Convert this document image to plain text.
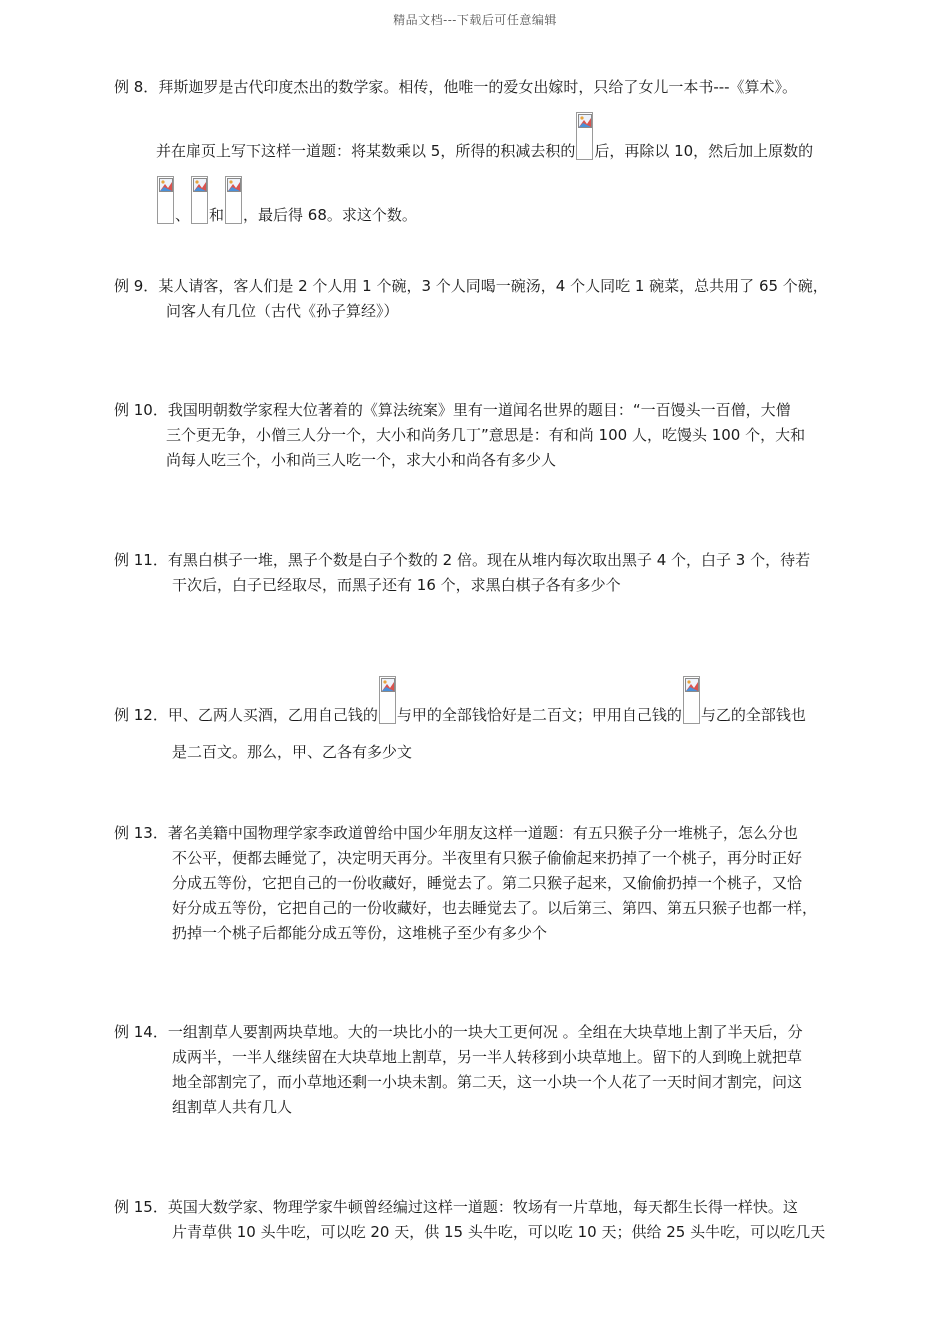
精品文档---下载后可任意编辑
例 8．拜斯迦罗是古代印度杰出的数学家。相传，他唯一的爱女出嫁时，只给了女儿一本书---《算术》。
并在扉页上写下这样一道题：将某数乘以 5，所得的积减去积的 后，再除以 10，然后加上原数的
、 和 ，最后得 68。求这个数。
例 9．某人请客，客人们是 2 个人用 1 个碗，3 个人同喝一碗汤，4 个人同吃 1 碗菜，总共用了 65 个碗，
问客人有几位（古代《孙子算经》）
例 10．我国明朝数学家程大位著着的《算法统案》里有一道闻名世界的题目：“一百馒头一百僧，大僧
三个更无争，小僧三人分一个，大小和尚务几丁”意思是：有和尚 100 人，吃馒头 100 个，大和
尚每人吃三个，小和尚三人吃一个，求大小和尚各有多少人
例 11．有黑白棋子一堆，黑子个数是白子个数的 2 倍。现在从堆内每次取出黑子 4 个，白子 3 个，待若
干次后，白子已经取尽，而黑子还有 16 个，求黑白棋子各有多少个
例 12．甲、乙两人买酒，乙用自己钱的 与甲的全部钱恰好是二百文；甲用自己钱的 与乙的全部钱也
是二百文。那么，甲、乙各有多少文
例 13．著名美籍中国物理学家李政道曾给中国少年朋友这样一道题：有五只猴子分一堆桃子，怎么分也
不公平，便都去睡觉了，决定明天再分。半夜里有只猴子偷偷起来扔掉了一个桃子，再分时正好
分成五等份，它把自己的一份收藏好，睡觉去了。第二只猴子起来，又偷偷扔掉一个桃子，又恰
好分成五等份，它把自己的一份收藏好，也去睡觉去了。以后第三、第四、第五只猴子也都一样，
扔掉一个桃子后都能分成五等份，这堆桃子至少有多少个
例 14．一组割草人要割两块草地。大的一块比小的一块大工更何况 。全组在大块草地上割了半天后，分
成两半，一半人继续留在大块草地上割草，另一半人转移到小块草地上。留下的人到晚上就把草
地全部割完了，而小草地还剩一小块未割。第二天，这一小块一个人花了一天时间才割完，问这
组割草人共有几人
例 15．英国大数学家、物理学家牛顿曾经编过这样一道题：牧场有一片草地，每天都生长得一样快。这
片青草供 10 头牛吃，可以吃 20 天，供 15 头牛吃，可以吃 10 天；供给 25 头牛吃，可以吃几天
